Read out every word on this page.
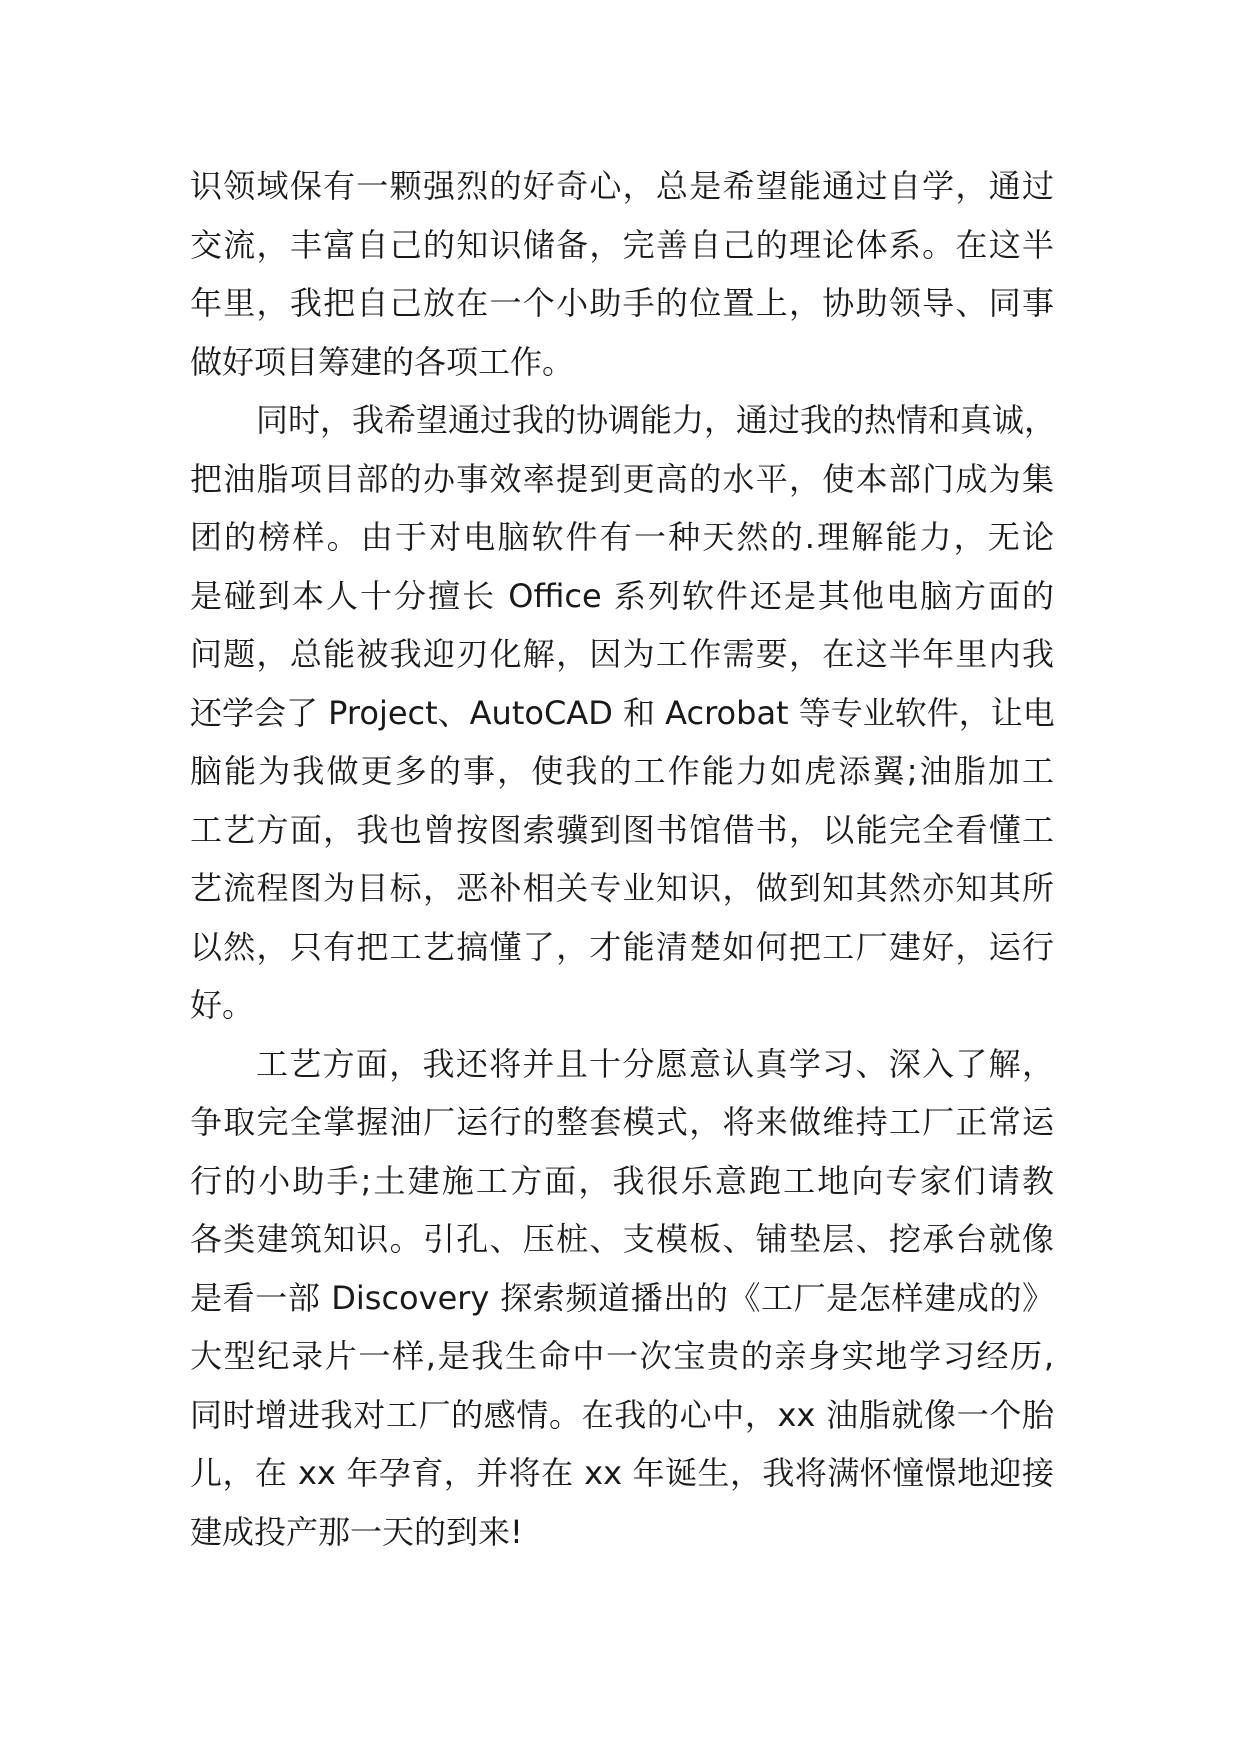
识领域保有一颗强烈的好奇心，总是希望能通过自学，通过
交流，丰富自己的知识储备，完善自己的理论体系。在这半
年里，我把自己放在一个小助手的位置上，协助领导、同事
做好项目筹建的各项工作。
同时，我希望通过我的协调能力，通过我的热情和真诚，
把油脂项目部的办事效率提到更高的水平，使本部门成为集
团的榜样。由于对电脑软件有一种天然的.理解能力，无论
是碰到本人十分擅长 Office 系列软件还是其他电脑方面的
问题，总能被我迎刃化解，因为工作需要，在这半年里内我
还学会了 Project、AutoCAD 和 Acrobat 等专业软件，让电
脑能为我做更多的事，使我的工作能力如虎添翼;油脂加工
工艺方面，我也曾按图索骥到图书馆借书，以能完全看懂工
艺流程图为目标，恶补相关专业知识，做到知其然亦知其所
以然，只有把工艺搞懂了，才能清楚如何把工厂建好，运行
好。
工艺方面，我还将并且十分愿意认真学习、深入了解，
争取完全掌握油厂运行的整套模式，将来做维持工厂正常运
行的小助手;土建施工方面，我很乐意跑工地向专家们请教
各类建筑知识。引孔、压桩、支模板、铺垫层、挖承台就像
是看一部 Discovery 探索频道播出的《工厂是怎样建成的》
大型纪录片一样,是我生命中一次宝贵的亲身实地学习经历,
同时增进我对工厂的感情。在我的心中，xx 油脂就像一个胎
儿，在 xx 年孕育，并将在 xx 年诞生，我将满怀憧憬地迎接
建成投产那一天的到来!
